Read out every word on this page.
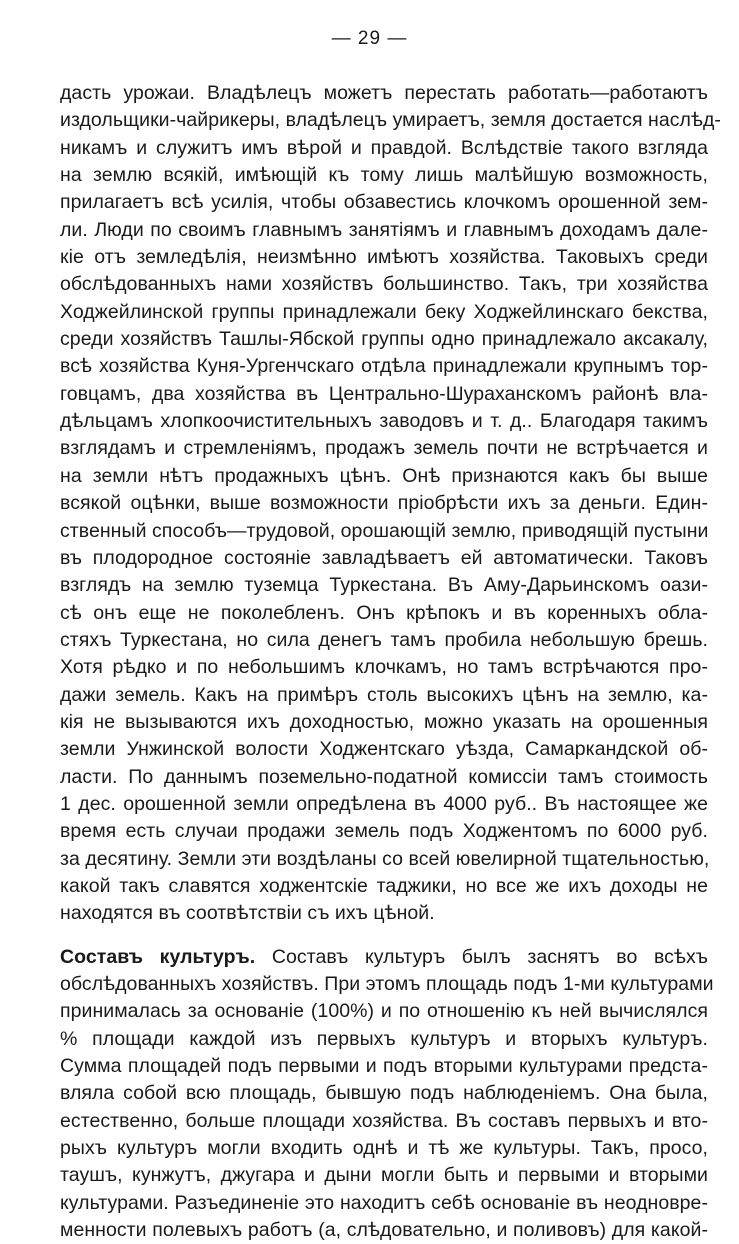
— 29 —
дасть урожаи. Владѣлецъ можетъ перестать работать—работаютъ
издольщики-чайрикеры, владѣлецъ умираетъ, земля достается наслѣд-
никамъ и служитъ имъ вѣрой и правдой. Вслѣдствіе такого взгляда
на землю всякій, имѣющій къ тому лишь малѣйшую возможность,
прилагаетъ всѣ усилія, чтобы обзавестись клочкомъ орошенной зем-
ли. Люди по своимъ главнымъ занятіямъ и главнымъ доходамъ дале-
кіе отъ земледѣлія, неизмѣнно имѣютъ хозяйства. Таковыхъ среди
обслѣдованныхъ нами хозяйствъ большинство. Такъ, три хозяйства
Ходжейлинской группы принадлежали беку Ходжейлинскаго бекства,
среди хозяйствъ Ташлы-Ябской группы одно принадлежало аксакалу,
всѣ хозяйства Куня-Ургенчскаго отдѣла принадлежали крупнымъ тор-
говцамъ, два хозяйства въ Центрально-Шураханскомъ районѣ вла-
дѣльцамъ хлопкоочистительныхъ заводовъ и т. д.. Благодаря такимъ
взглядамъ и стремленіямъ, продажъ земель почти не встрѣчается и
на земли нѣтъ продажныхъ цѣнъ. Онѣ признаются какъ бы выше
всякой оцѣнки, выше возможности пріобрѣсти ихъ за деньги. Един-
ственный способъ—трудовой, орошающій землю, приводящій пустыни
въ плодородное состояніе завладѣваетъ ей автоматически. Таковъ
взглядъ на землю туземца Туркестана. Въ Аму-Дарьинскомъ оази-
сѣ онъ еще не поколебленъ. Онъ крѣпокъ и въ коренныхъ обла-
стяхъ Туркестана, но сила денегъ тамъ пробила небольшую брешь.
Хотя рѣдко и по небольшимъ клочкамъ, но тамъ встрѣчаются про-
дажи земель. Какъ на примѣръ столь высокихъ цѣнъ на землю, ка-
кія не вызываются ихъ доходностью, можно указать на орошенныя
земли Унжинской волости Ходжентскаго уѣзда, Самаркандской об-
ласти. По даннымъ поземельно-податной комиссіи тамъ стоимость
1 дес. орошенной земли опредѣлена въ 4000 руб.. Въ настоящее же
время есть случаи продажи земель подъ Ходжентомъ по 6000 руб.
за десятину. Земли эти воздѣланы со всей ювелирной тщательностью,
какой такъ славятся ходжентскіе таджики, но все же ихъ доходы не
находятся въ соотвѣтствіи съ ихъ цѣной.
Составъ культуръ. Составъ культуръ былъ заснятъ во всѣхъ
обслѣдованныхъ хозяйствъ. При этомъ площадь подъ 1-ми культурами
принималась за основаніе (100%) и по отношенію къ ней вычислялся
% площади каждой изъ первыхъ культуръ и вторыхъ культуръ.
Сумма площадей подъ первыми и подъ вторыми культурами предста-
вляла собой всю площадь, бывшую подъ наблюденіемъ. Она была,
естественно, больше площади хозяйства. Въ составъ первыхъ и вто-
рыхъ культуръ могли входить однѣ и тѣ же культуры. Такъ, просо,
таушъ, кунжутъ, джугара и дыни могли быть и первыми и вторыми
культурами. Разъединеніе это находитъ себѣ основаніе въ неодновре-
менности полевыхъ работъ (а, слѣдовательно, и поливовъ) для какой-
